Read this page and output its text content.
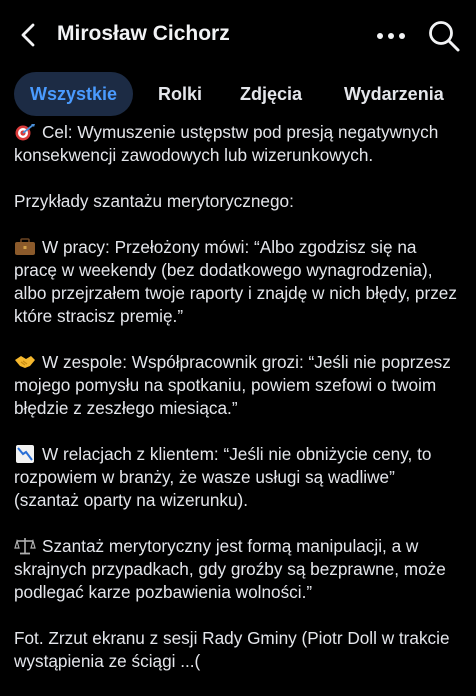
Mirosław Cichorz
Wszystkie	Rolki Zdjęcia Wydarzenia

Cel: Wymuszenie ustępstw pod presją negatywnych konsekwencji zawodowych lub wizerunkowych.

Przykłady szantażu merytorycznego:

W pracy: Przełożony mówi: “Albo zgodzisz się na pracę w weekendy (bez dodatkowego wynagrodzenia), albo przejrzałem twoje raporty i znajdę w nich błędy, przez które stracisz premię.”

W zespole: Współpracownik grozi: “Jeśli nie poprzesz mojego pomysłu na spotkaniu, powiem szefowi o twoim błędzie z zeszłego miesiąca.”

W relacjach z klientem: “Jeśli nie obniżycie ceny, to rozpowiem w branży, że wasze usługi są wadliwe” (szantaż oparty na wizerunku).

Szantaż merytoryczny jest formą manipulacji, a w skrajnych przypadkach, gdy groźby są bezprawne, może podlegać karze pozbawienia wolności.”

Fot. Zrzut ekranu z sesji Rady Gminy (Piotr Doll w trakcie wystąpienia ze ściągi ...(
